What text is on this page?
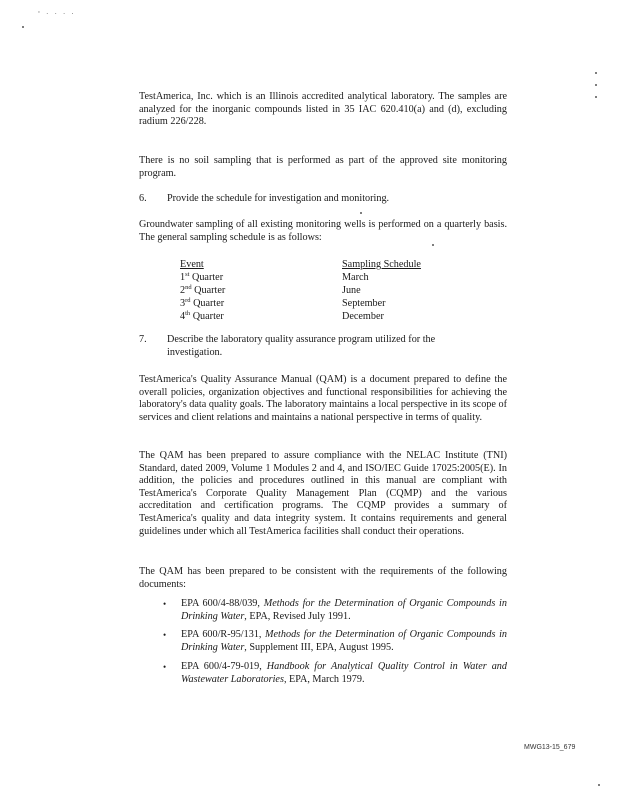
' · · · ·

TestAmerica, Inc. which is an Illinois accredited analytical laboratory. The samples are analyzed for the inorganic compounds listed in 35 IAC 620.410(a) and (d), excluding radium 226/228.

There is no soil sampling that is performed as part of the approved site monitoring program.

6. Provide the schedule for investigation and monitoring.

Groundwater sampling of all existing monitoring wells is performed on a quarterly basis. The general sampling schedule is as follows:

Event	Sampling Schedule
1st Quarter	March
2nd Quarter	June
3rd Quarter	September
4th Quarter	December
7. Describe the laboratory quality assurance program utilized for the investigation.

TestAmerica's Quality Assurance Manual (QAM) is a document prepared to define the overall policies, organization objectives and functional responsibilities for achieving the laboratory's data quality goals. The laboratory maintains a local perspective in its scope of services and client relations and maintains a national perspective in terms of quality.

The QAM has been prepared to assure compliance with the NELAC Institute (TNI) Standard, dated 2009, Volume 1 Modules 2 and 4, and ISO/IEC Guide 17025:2005(E). In addition, the policies and procedures outlined in this manual are compliant with TestAmerica's Corporate Quality Management Plan (CQMP) and the various accreditation and certification programs. The CQMP provides a summary of TestAmerica's quality and data integrity system. It contains requirements and general guidelines under which all TestAmerica facilities shall conduct their operations.

The QAM has been prepared to be consistent with the requirements of the following documents:

• EPA 600/4-88/039, Methods for the Determination of Organic Compounds in Drinking Water, EPA, Revised July 1991.
• EPA 600/R-95/131, Methods for the Determination of Organic Compounds in Drinking Water, Supplement III, EPA, August 1995.
• EPA 600/4-79-019, Handbook for Analytical Quality Control in Water and Wastewater Laboratories, EPA, March 1979.
MWG13-15_679
